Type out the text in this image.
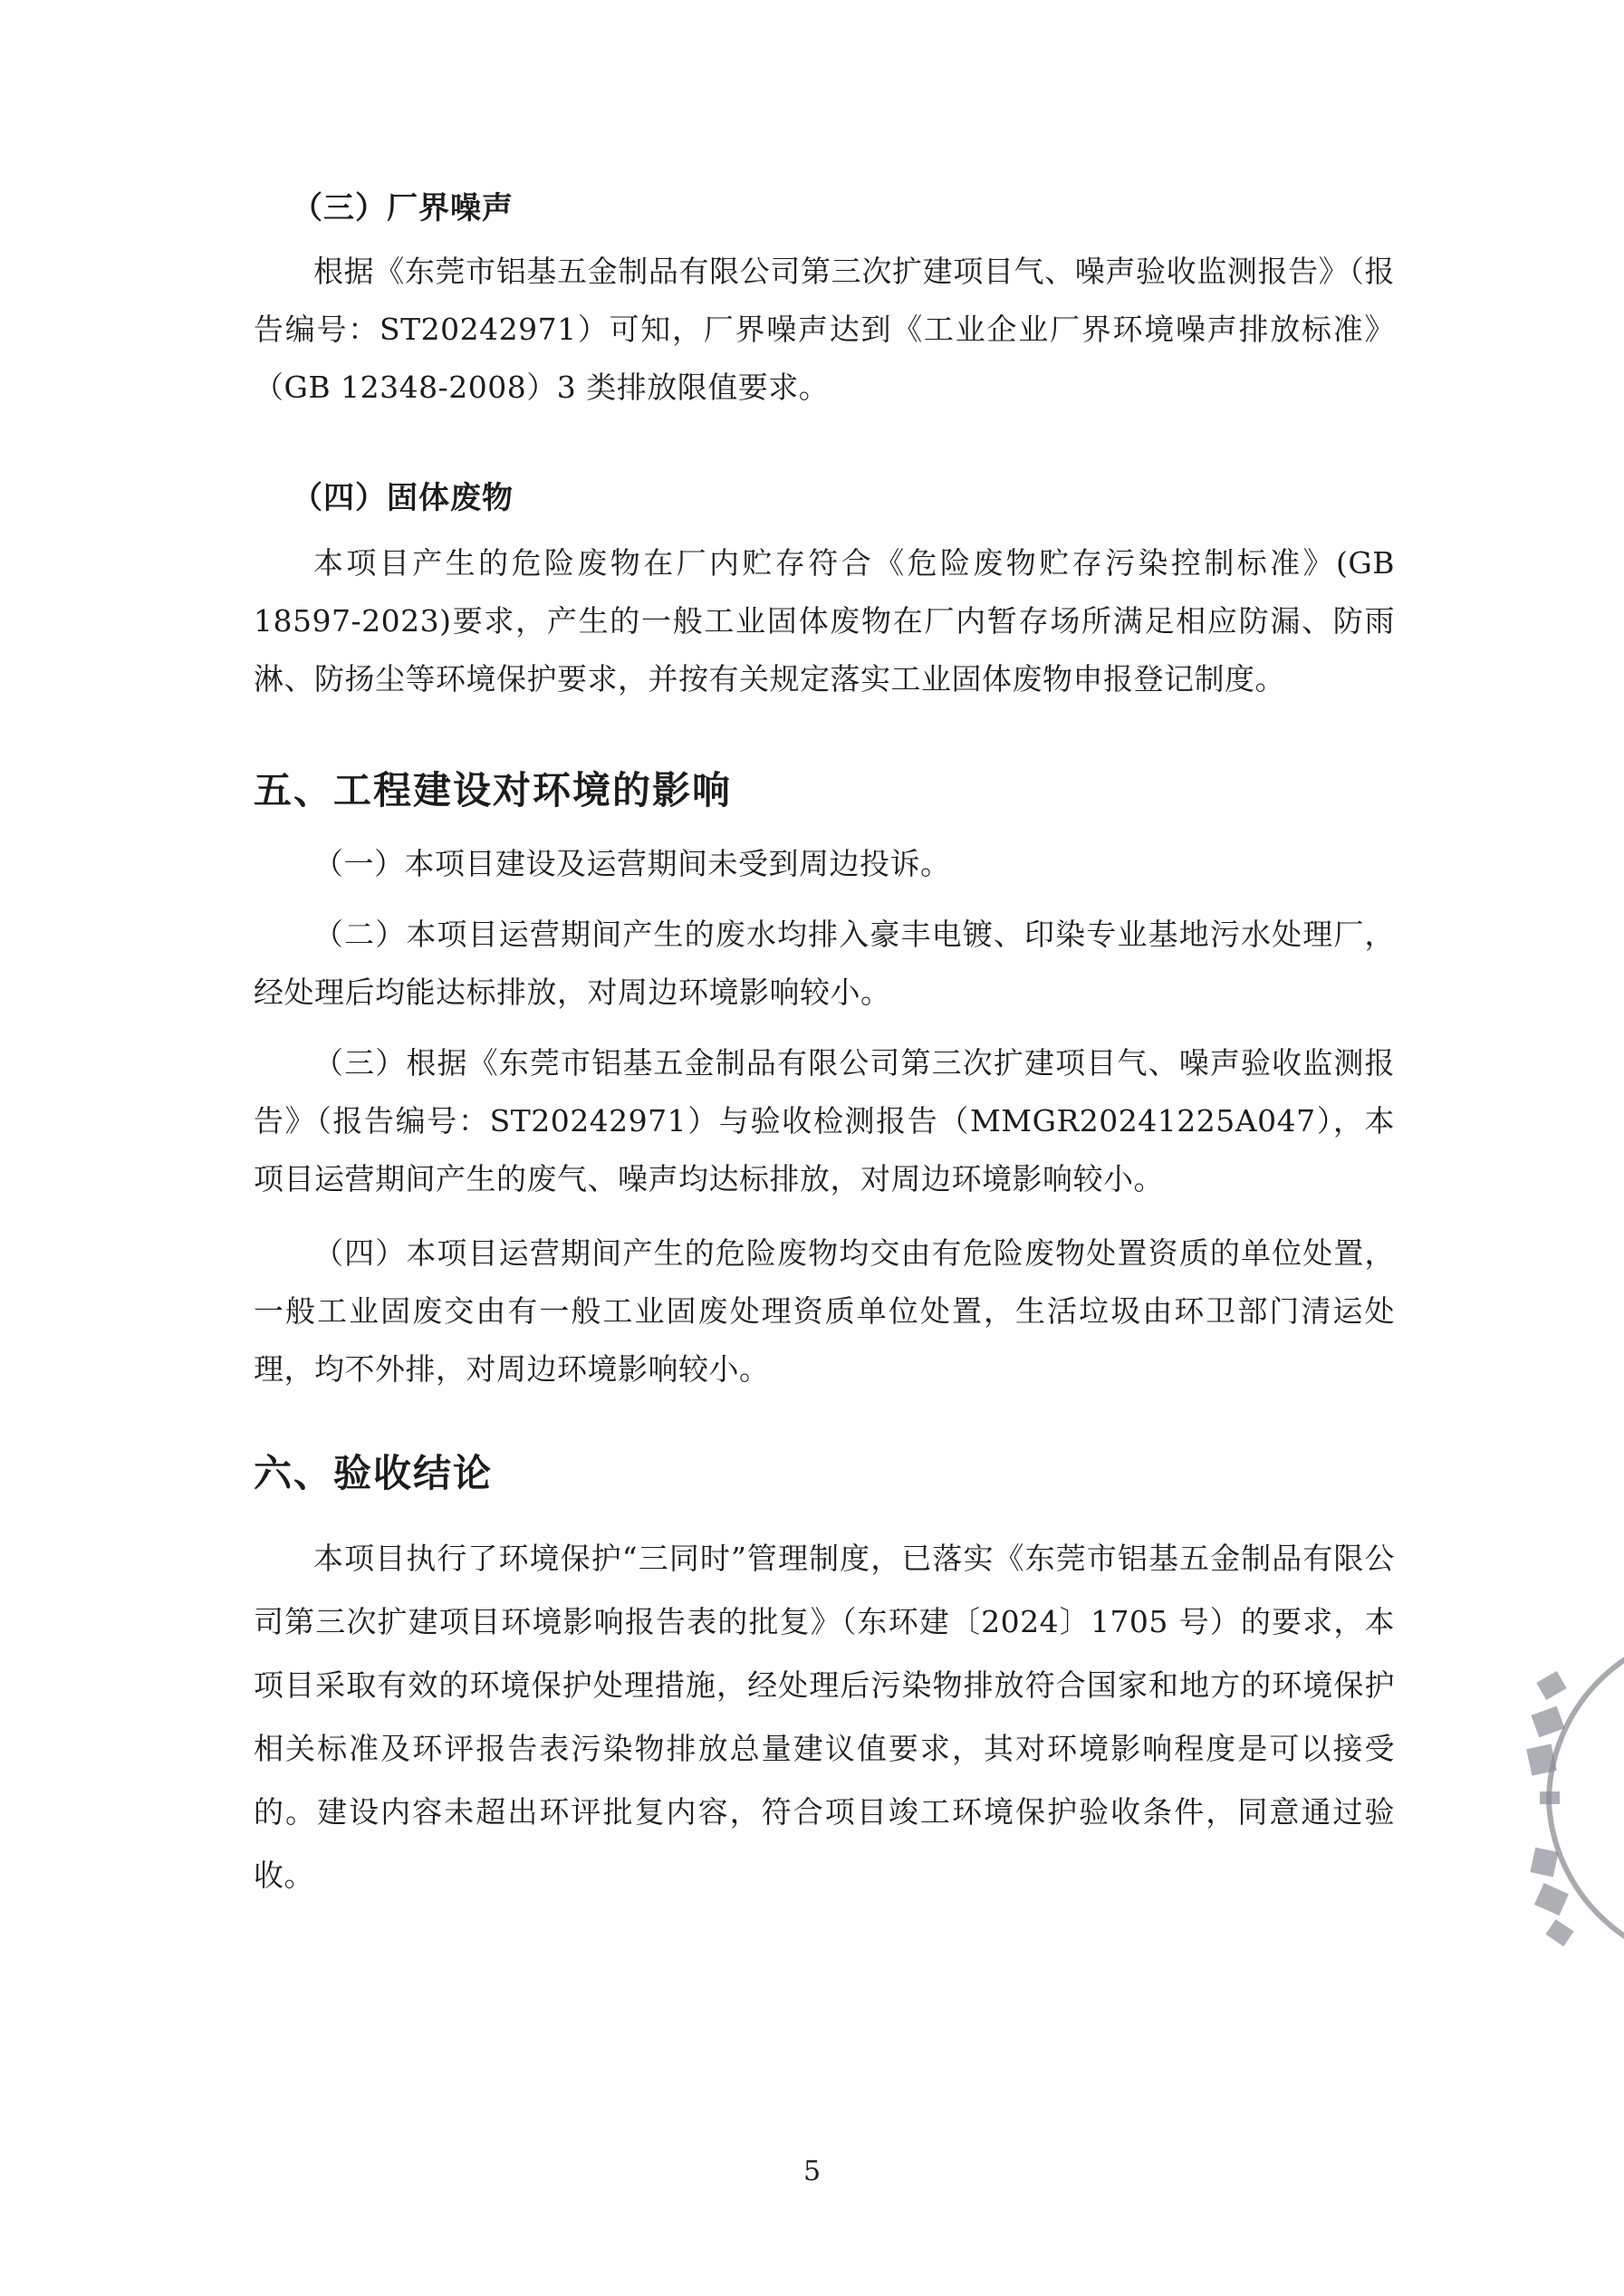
（三）厂界噪声
根据《东莞市铝基五金制品有限公司第三次扩建项目气、噪声验收监测报告》（报告编号：ST20242971）可知，厂界噪声达到《工业企业厂界环境噪声排放标准》（GB 12348-2008）3 类排放限值要求。
（四）固体废物
本项目产生的危险废物在厂内贮存符合《危险废物贮存污染控制标准》(GB 18597-2023)要求，产生的一般工业固体废物在厂内暂存场所满足相应防漏、防雨淋、防扬尘等环境保护要求，并按有关规定落实工业固体废物申报登记制度。
五、工程建设对环境的影响
（一）本项目建设及运营期间未受到周边投诉。
（二）本项目运营期间产生的废水均排入豪丰电镀、印染专业基地污水处理厂，经处理后均能达标排放，对周边环境影响较小。
（三）根据《东莞市铝基五金制品有限公司第三次扩建项目气、噪声验收监测报告》（报告编号：ST20242971）与验收检测报告（MMGR20241225A047），本项目运营期间产生的废气、噪声均达标排放，对周边环境影响较小。
（四）本项目运营期间产生的危险废物均交由有危险废物处置资质的单位处置，一般工业固废交由有一般工业固废处理资质单位处置，生活垃圾由环卫部门清运处理，均不外排，对周边环境影响较小。
六、验收结论
本项目执行了环境保护“三同时”管理制度，已落实《东莞市铝基五金制品有限公司第三次扩建项目环境影响报告表的批复》（东环建〔2024〕1705 号）的要求，本项目采取有效的环境保护处理措施，经处理后污染物排放符合国家和地方的环境保护相关标准及环评报告表污染物排放总量建议值要求，其对环境影响程度是可以接受的。建设内容未超出环评批复内容，符合项目竣工环境保护验收条件，同意通过验收。
5
